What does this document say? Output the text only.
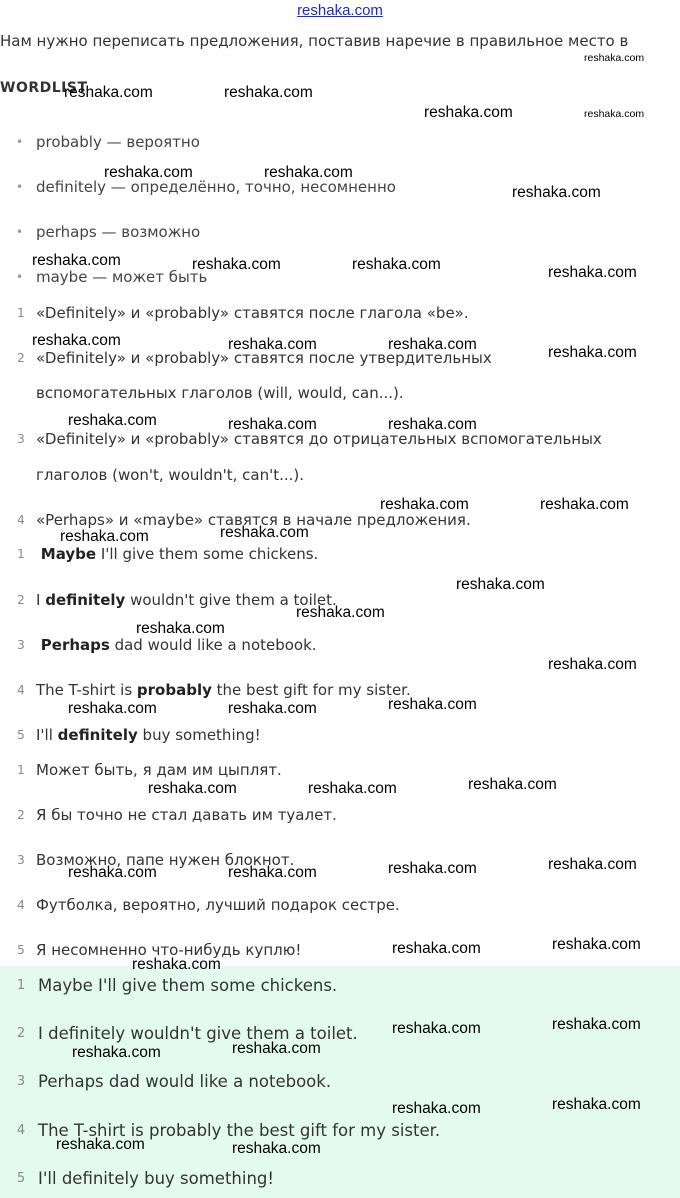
reshaka.com
Нам нужно переписать предложения, поставив наречие в правильное место в
WORDLIST
• probably — вероятно
• definitely — определённо, точно, несомненно
• perhaps — возможно
• maybe — может быть
1 «Definitely» и «probably» ставятся после глагола «be».
2 «Definitely» и «probably» ставятся после утвердительных
вспомогательных глаголов (will, would, can...).
3 «Definitely» и «probably» ставятся до отрицательных вспомогательных
глаголов (won't, wouldn't, can't...).
4 «Perhaps» и «maybe» ставятся в начале предложения.
1	Maybe I'll give them some chickens.
2 I definitely wouldn't give them a toilet.
3	Perhaps dad would like a notebook.
4 The T-shirt is probably the best gift for my sister.
5 I'll definitely buy something!
1 Может быть, я дам им цыплят.
2 Я бы точно не стал давать им туалет.
3 Возможно, папе нужен блокнот.
4 Футболка, вероятно, лучший подарок сестре.
5 Я несомненно что-нибудь куплю!
1 Maybe I'll give them some chickens.
2 I definitely wouldn't give them a toilet.
3 Perhaps dad would like a notebook.
4 The T-shirt is probably the best gift for my sister.
5 I'll definitely buy something!
reshaka.com
reshaka.com	reshaka.com
reshaka.com	reshaka.com
reshaka.com	reshaka.com
reshaka.com
reshaka.com	reshaka.com	reshaka.com	reshaka.com
reshaka.com	reshaka.com	reshaka.com	reshaka.com
reshaka.com	reshaka.com	reshaka.com
reshaka.com	reshaka.com
reshaka.com	reshaka.com
reshaka.com
reshaka.com
reshaka.com
reshaka.com
reshaka.com	reshaka.com	reshaka.com
reshaka.com
reshaka.com	reshaka.com
reshaka.com
reshaka.com
reshaka.com	reshaka.com
reshaka.com
reshaka.com
reshaka.com
reshaka.com
reshaka.com
reshaka.com
reshaka.com
reshaka.com
reshaka.com
reshaka.com	reshaka.com
